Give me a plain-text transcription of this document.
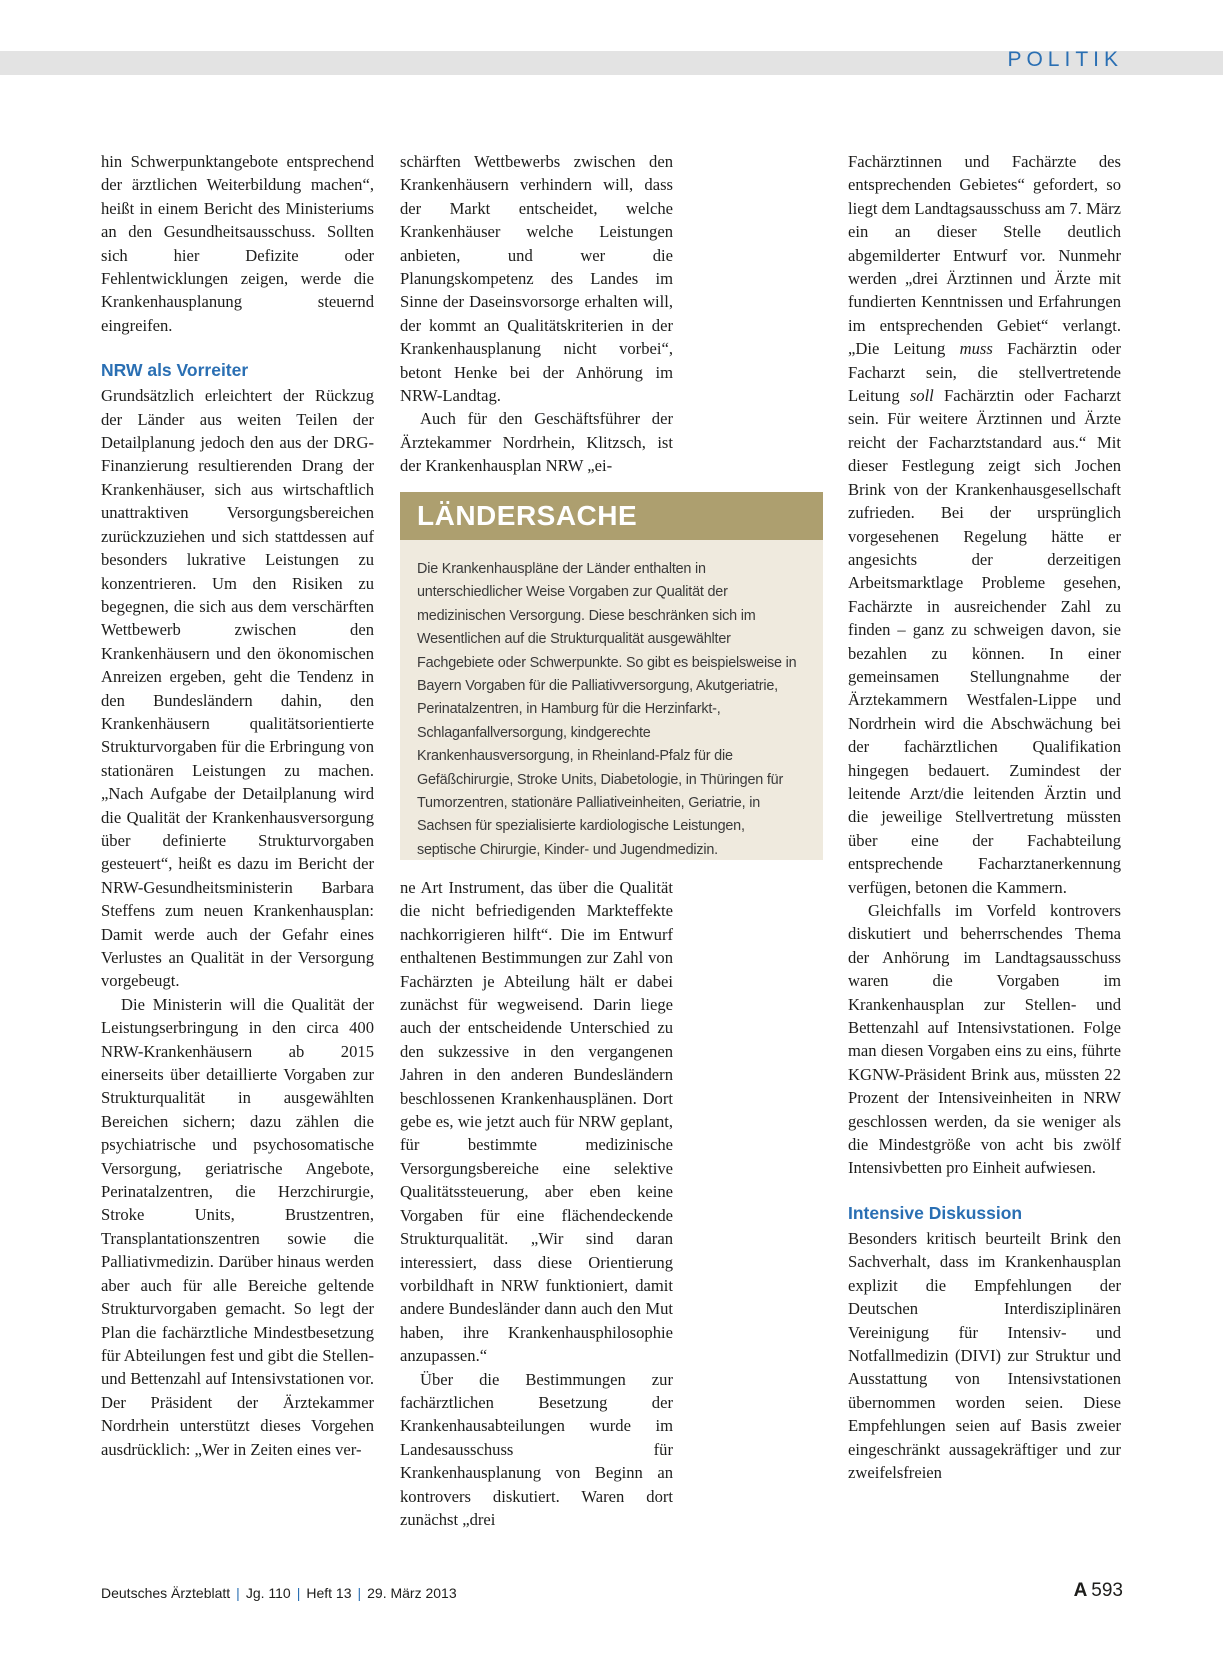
POLITIK

hin Schwerpunktangebote entsprechend der ärztlichen Weiterbildung machen“, heißt in einem Bericht des Ministeriums an den Gesundheitsausschuss. Sollten sich hier Defizite oder Fehlentwicklungen zeigen, werde die Krankenhausplanung steuernd eingreifen.

NRW als Vorreiter

Grundsätzlich erleichtert der Rückzug der Länder aus weiten Teilen der Detailplanung jedoch den aus der DRG-Finanzierung resultierenden Drang der Krankenhäuser, sich aus wirtschaftlich unattraktiven Versorgungsbereichen zurückzuziehen und sich stattdessen auf besonders lukrative Leistungen zu konzentrieren. Um den Risiken zu begegnen, die sich aus dem verschärften Wettbewerb zwischen den Krankenhäusern und den ökonomischen Anreizen ergeben, geht die Tendenz in den Bundesländern dahin, den Krankenhäusern qualitätsorientierte Strukturvorgaben für die Erbringung von stationären Leistungen zu machen. „Nach Aufgabe der Detailplanung wird die Qualität der Krankenhausversorgung über definierte Strukturvorgaben gesteuert“, heißt es dazu im Bericht der NRW-Gesundheitsministerin Barbara Steffens zum neuen Krankenhausplan: Damit werde auch der Gefahr eines Verlustes an Qualität in der Versorgung vorgebeugt.

Die Ministerin will die Qualität der Leistungserbringung in den circa 400 NRW-Krankenhäusern ab 2015 einerseits über detaillierte Vorgaben zur Strukturqualität in ausgewählten Bereichen sichern; dazu zählen die psychiatrische und psychosomatische Versorgung, geriatrische Angebote, Perinatalzentren, die Herzchirurgie, Stroke Units, Brustzentren, Transplantationszentren sowie die Palliativmedizin. Darüber hinaus werden aber auch für alle Bereiche geltende Strukturvorgaben gemacht. So legt der Plan die fachärztliche Mindestbesetzung für Abteilungen fest und gibt die Stellen- und Bettenzahl auf Intensivstationen vor. Der Präsident der Ärztekammer Nordrhein unterstützt dieses Vorgehen ausdrücklich: „Wer in Zeiten eines ver-

schärften Wettbewerbs zwischen den Krankenhäusern verhindern will, dass der Markt entscheidet, welche Krankenhäuser welche Leistungen anbieten, und wer die Planungskompetenz des Landes im Sinne der Daseinsvorsorge erhalten will, der kommt an Qualitätskriterien in der Krankenhausplanung nicht vorbei“, betont Henke bei der Anhörung im NRW-Landtag.

Auch für den Geschäftsführer der Ärztekammer Nordrhein, Klitzsch, ist der Krankenhausplan NRW „ei-

LÄNDERSACHE
Die Krankenhauspläne der Länder enthalten in unterschiedlicher Weise Vorgaben zur Qualität der medizinischen Versorgung. Diese beschränken sich im Wesentlichen auf die Strukturqualität ausgewählter Fachgebiete oder Schwerpunkte. So gibt es beispielsweise in Bayern Vorgaben für die Palliativversorgung, Akutgeriatrie, Perinatalzentren, in Hamburg für die Herzinfarkt-, Schlaganfallversorgung, kindgerechte Krankenhausversorgung, in Rheinland-Pfalz für die Gefäßchirurgie, Stroke Units, Diabetologie, in Thüringen für Tumorzentren, stationäre Palliativeinheiten, Geriatrie, in Sachsen für spezialisierte kardiologische Leistungen, septische Chirurgie, Kinder- und Jugendmedizin.

ne Art Instrument, das über die Qualität die nicht befriedigenden Markteffekte nachkorrigieren hilft“. Die im Entwurf enthaltenen Bestimmungen zur Zahl von Fachärzten je Abteilung hält er dabei zunächst für wegweisend. Darin liege auch der entscheidende Unterschied zu den sukzessive in den vergangenen Jahren in den anderen Bundesländern beschlossenen Krankenhausplänen. Dort gebe es, wie jetzt auch für NRW geplant, für bestimmte medizinische Versorgungsbereiche eine selektive Qualitätssteuerung, aber eben keine Vorgaben für eine flächendeckende Strukturqualität. „Wir sind daran interessiert, dass diese Orientierung vorbildhaft in NRW funktioniert, damit andere Bundesländer dann auch den Mut haben, ihre Krankenhausphilosophie anzupassen.“

Über die Bestimmungen zur fachärztlichen Besetzung der Krankenhausabteilungen wurde im Landesausschuss für Krankenhausplanung von Beginn an kontrovers diskutiert. Waren dort zunächst „drei

Fachärztinnen und Fachärzte des entsprechenden Gebietes“ gefordert, so liegt dem Landtagsausschuss am 7. März ein an dieser Stelle deutlich abgemilderter Entwurf vor. Nunmehr werden „drei Ärztinnen und Ärzte mit fundierten Kenntnissen und Erfahrungen im entsprechenden Gebiet“ verlangt. „Die Leitung muss Fachärztin oder Facharzt sein, die stellvertretende Leitung soll Fachärztin oder Facharzt sein. Für weitere Ärztinnen und Ärzte reicht der Facharztstandard aus.“ Mit dieser Festlegung zeigt sich Jochen Brink von der Krankenhausgesellschaft zufrieden. Bei der ursprünglich vorgesehenen Regelung hätte er angesichts der derzeitigen Arbeitsmarktlage Probleme gesehen, Fachärzte in ausreichender Zahl zu finden – ganz zu schweigen davon, sie bezahlen zu können. In einer gemeinsamen Stellungnahme der Ärztekammern Westfalen-Lippe und Nordrhein wird die Abschwächung bei der fachärztlichen Qualifikation hingegen bedauert. Zumindest der leitende Arzt/die leitenden Ärztin und die jeweilige Stellvertretung müssten über eine der Fachabteilung entsprechende Facharztanerkennung verfügen, betonen die Kammern.

Gleichfalls im Vorfeld kontrovers diskutiert und beherrschendes Thema der Anhörung im Landtagsausschuss waren die Vorgaben im Krankenhausplan zur Stellen- und Bettenzahl auf Intensivstationen. Folge man diesen Vorgaben eins zu eins, führte KGNW-Präsident Brink aus, müssten 22 Prozent der Intensiveinheiten in NRW geschlossen werden, da sie weniger als die Mindestgröße von acht bis zwölf Intensivbetten pro Einheit aufwiesen.

Intensive Diskussion

Besonders kritisch beurteilt Brink den Sachverhalt, dass im Krankenhausplan explizit die Empfehlungen der Deutschen Interdisziplinären Vereinigung für Intensiv- und Notfallmedizin (DIVI) zur Struktur und Ausstattung von Intensivstationen übernommen worden seien. Diese Empfehlungen seien auf Basis zweier eingeschränkt aussagekräftiger und zur zweifelsfreien

Deutsches Ärzteblatt | Jg. 110 | Heft 13 | 29. März 2013	A 593
